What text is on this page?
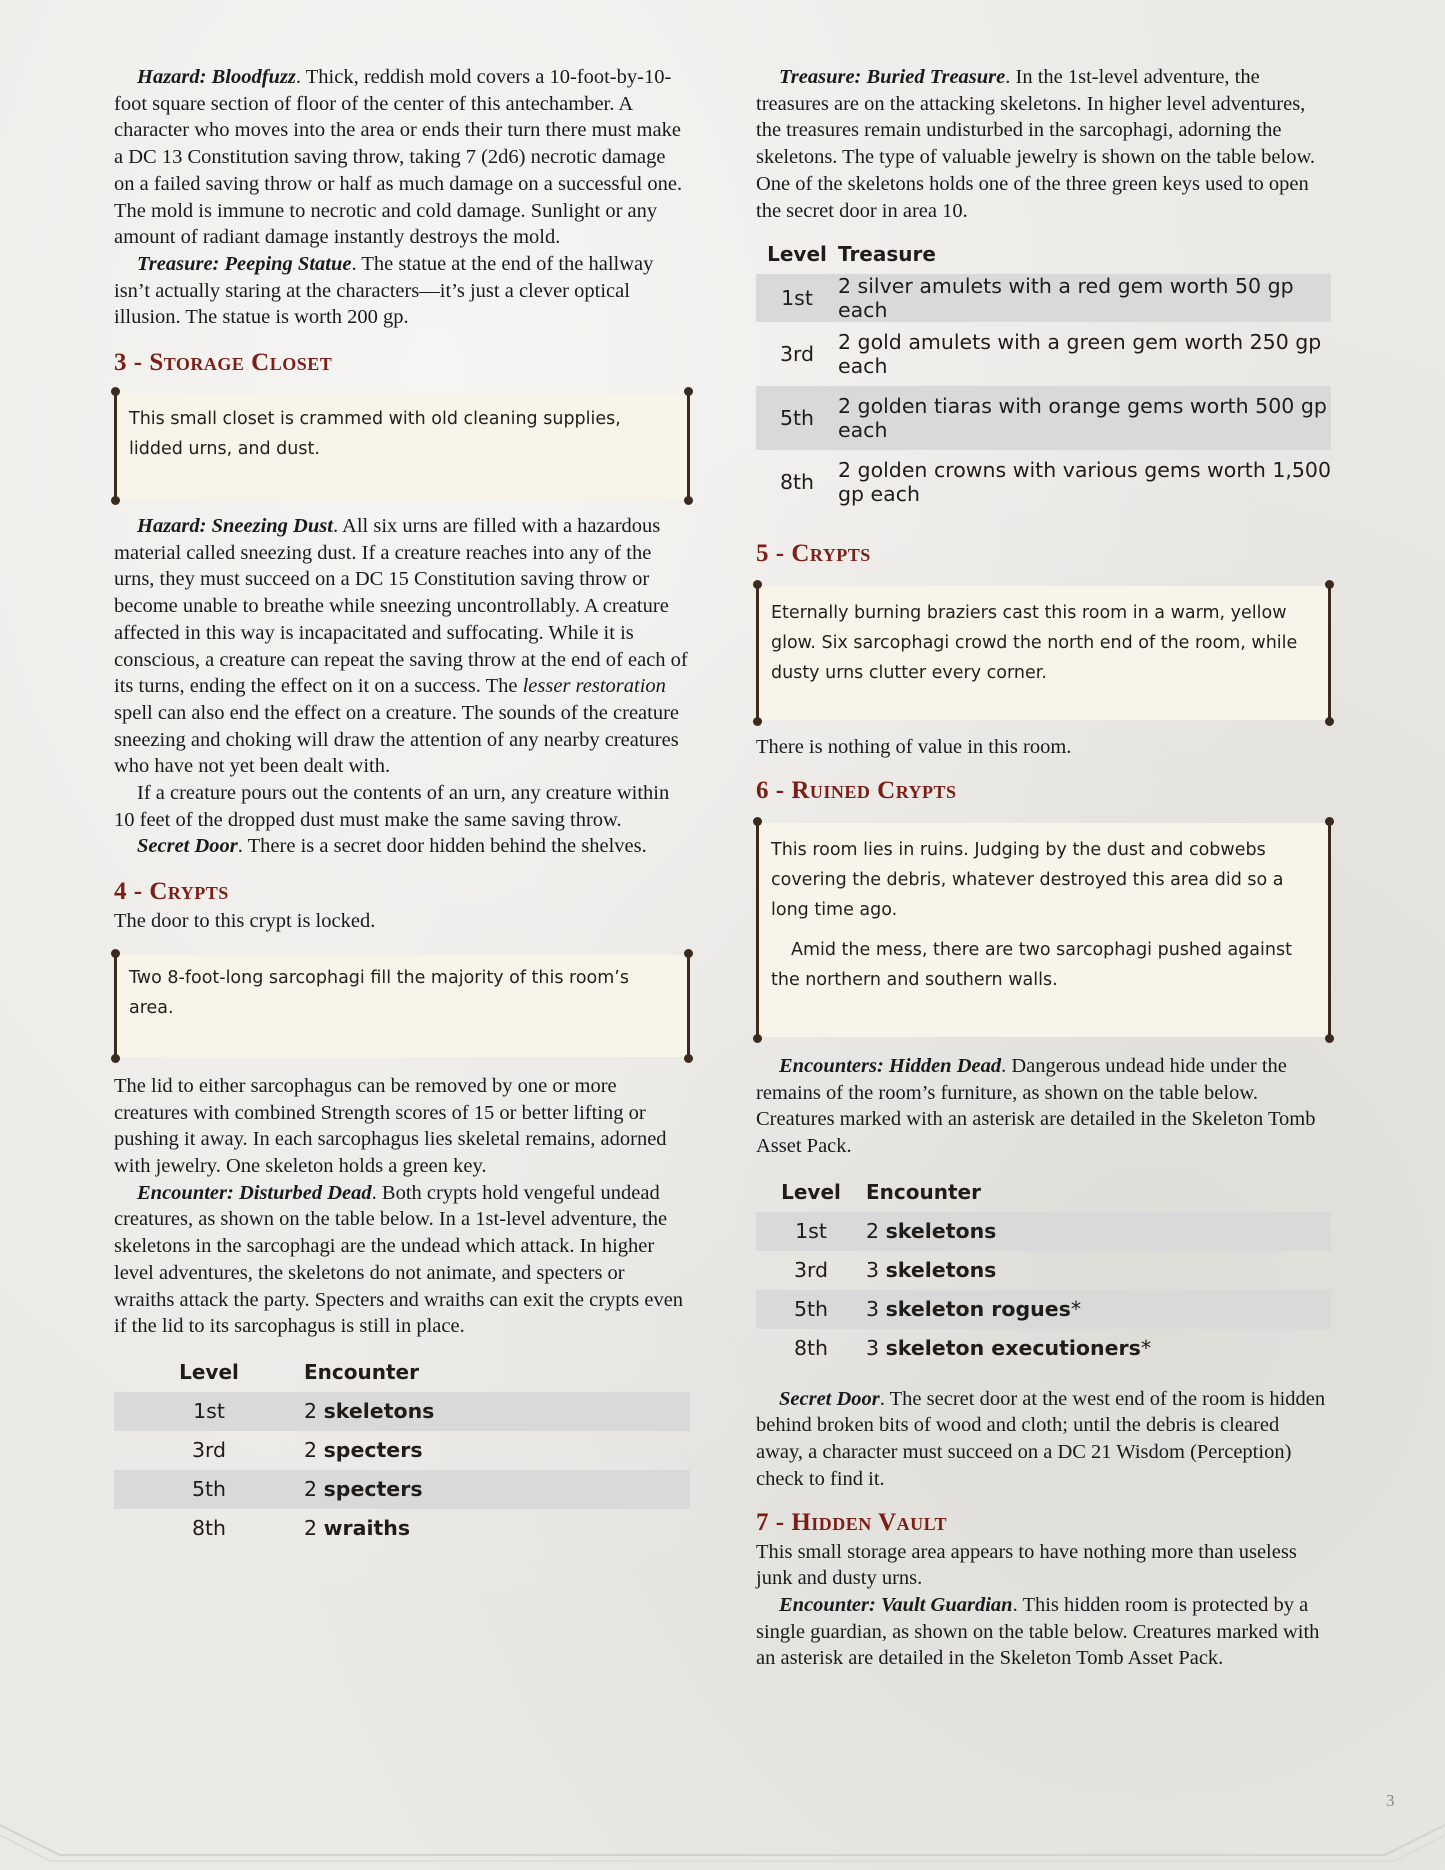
Hazard: Bloodfuzz. Thick, reddish mold covers a 10-foot-by-10-foot square section of floor of the center of this antechamber. A character who moves into the area or ends their turn there must make a DC 13 Constitution saving throw, taking 7 (2d6) necrotic damage on a failed saving throw or half as much damage on a successful one. The mold is immune to necrotic and cold damage. Sunlight or any amount of radiant damage instantly destroys the mold.

Treasure: Peeping Statue. The statue at the end of the hallway isn’t actually staring at the characters—it’s just a clever optical illusion. The statue is worth 200 gp.

3 - Storage Closet

This small closet is crammed with old cleaning supplies, lidded urns, and dust.

Hazard: Sneezing Dust. All six urns are filled with a hazardous material called sneezing dust. If a creature reaches into any of the urns, they must succeed on a DC 15 Constitution saving throw or become unable to breathe while sneezing uncontrollably. A creature affected in this way is incapacitated and suffocating. While it is conscious, a creature can repeat the saving throw at the end of each of its turns, ending the effect on it on a success. The lesser restoration spell can also end the effect on a creature. The sounds of the creature sneezing and choking will draw the attention of any nearby creatures who have not yet been dealt with.

If a creature pours out the contents of an urn, any creature within 10 feet of the dropped dust must make the same saving throw.

Secret Door. There is a secret door hidden behind the shelves.

4 - Crypts

The door to this crypt is locked.

Two 8-foot-long sarcophagi fill the majority of this room’s area.

The lid to either sarcophagus can be removed by one or more creatures with combined Strength scores of 15 or better lifting or pushing it away. In each sarcophagus lies skeletal remains, adorned with jewelry. One skeleton holds a green key.

Encounter: Disturbed Dead. Both crypts hold vengeful undead creatures, as shown on the table below. In a 1st-level adventure, the skeletons in the sarcophagi are the undead which attack. In higher level adventures, the skeletons do not animate, and specters or wraiths attack the party. Specters and wraiths can exit the crypts even if the lid to its sarcophagus is still in place.

Level	Encounter
1st	2 skeletons
3rd	2 specters
5th	2 specters
8th	2 wraiths

Treasure: Buried Treasure. In the 1st-level adventure, the treasures are on the attacking skeletons. In higher level adventures, the treasures remain undisturbed in the sarcophagi, adorning the skeletons. The type of valuable jewelry is shown on the table below. One of the skeletons holds one of the three green keys used to open the secret door in area 10.

Level	Treasure
1st	2 silver amulets with a red gem worth 50 gp each
3rd	2 gold amulets with a green gem worth 250 gp each
5th	2 golden tiaras with orange gems worth 500 gp each
8th	2 golden crowns with various gems worth 1,500 gp each
5 - Crypts

Eternally burning braziers cast this room in a warm, yellow glow. Six sarcophagi crowd the north end of the room, while dusty urns clutter every corner.

There is nothing of value in this room.

6 - Ruined Crypts

This room lies in ruins. Judging by the dust and cobwebs covering the debris, whatever destroyed this area did so a long time ago.

Amid the mess, there are two sarcophagi pushed against the northern and southern walls.

Encounters: Hidden Dead. Dangerous undead hide under the remains of the room’s furniture, as shown on the table below. Creatures marked with an asterisk are detailed in the Skeleton Tomb Asset Pack.

Level	Encounter
1st	2 skeletons
3rd	3 skeletons
5th	3 skeleton rogues*
8th	3 skeleton executioners*

Secret Door. The secret door at the west end of the room is hidden behind broken bits of wood and cloth; until the debris is cleared away, a character must succeed on a DC 21 Wisdom (Perception) check to find it.

7 - Hidden Vault

This small storage area appears to have nothing more than useless junk and dusty urns.

Encounter: Vault Guardian. This hidden room is protected by a single guardian, as shown on the table below. Creatures marked with an asterisk are detailed in the Skeleton Tomb Asset Pack.

3
